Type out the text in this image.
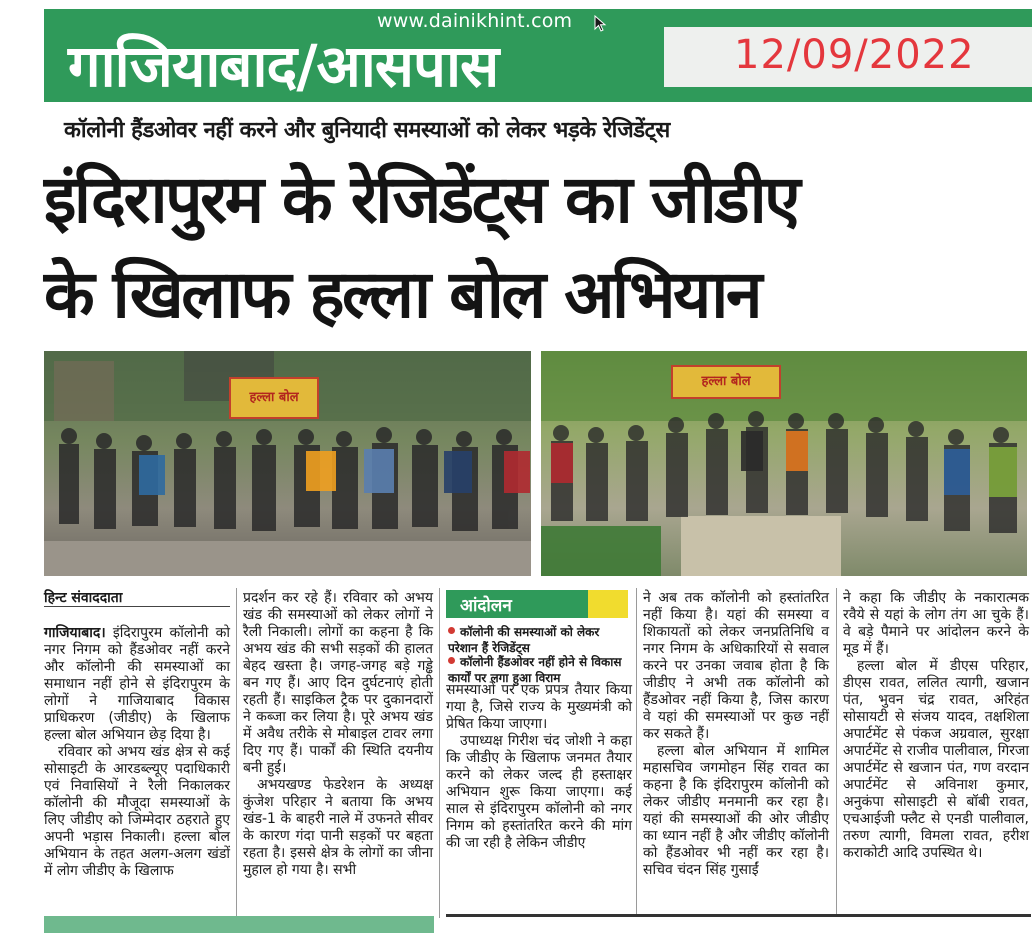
www.dainikhint.com
गाजियाबाद/आसपास	12/09/2022
कॉलोनी हैंडओवर नहीं करने और बुनियादी समस्याओं को लेकर भड़के रेजिडेंट्स
इंदिरापुरम के रेजिडेंट्स का जीडीए
के खिलाफ हल्ला बोल अभियान
हल्ला बोल
हल्ला बोल
हिन्ट संवाददाता

गाजियाबाद। इंदिरापुरम कॉलोनी को नगर निगम को हैंडओवर नहीं करने और कॉलोनी की समस्याओं का समाधान नहीं होने से इंदिरापुरम के लोगों ने गाजियाबाद विकास प्राधिकरण (जीडीए) के खिलाफ हल्ला बोल अभियान छेड़ दिया है।

रविवार को अभय खंड क्षेत्र से कई सोसाइटी के आरडब्ल्यूए पदाधिकारी एवं निवासियों ने रैली निकालकर कॉलोनी की मौजूदा समस्याओं के लिए जीडीए को जिम्मेदार ठहराते हुए अपनी भड़ास निकाली। हल्ला बोल अभियान के तहत अलग-अलग खंडों में लोग जीडीए के खिलाफ

प्रदर्शन कर रहे हैं। रविवार को अभय खंड की समस्याओं को लेकर लोगों ने रैली निकाली। लोगों का कहना है कि अभय खंड की सभी सड़कों की हालत बेहद खस्ता है। जगह-जगह बड़े गड्ढे बन गए हैं। आए दिन दुर्घटनाएं होती रहती हैं। साइकिल ट्रैक पर दुकानदारों ने कब्जा कर लिया है। पूरे अभय खंड में अवैध तरीके से मोबाइल टावर लगा दिए गए हैं। पार्कों की स्थिति दयनीय बनी हुई।

अभयखण्ड फेडरेशन के अध्यक्ष कुंजेश परिहार ने बताया कि अभय खंड-1 के बाहरी नाले में उफनते सीवर के कारण गंदा पानी सड़कों पर बहता रहता है। इससे क्षेत्र के लोगों का जीना मुहाल हो गया है। सभी

आंदोलन
कॉलोनी की समस्याओं को लेकर परेशान हैं रेजिडेंट्स
कॉलोनी हैंडओवर नहीं होने से विकास कार्यों पर लगा हुआ विराम

समस्याओं पर एक प्रपत्र तैयार किया गया है, जिसे राज्य के मुख्यमंत्री को प्रेषित किया जाएगा।

उपाध्यक्ष गिरीश चंद जोशी ने कहा कि जीडीए के खिलाफ जनमत तैयार करने को लेकर जल्द ही हस्ताक्षर अभियान शुरू किया जाएगा। कई साल से इंदिरापुरम कॉलोनी को नगर निगम को हस्तांतरित करने की मांग की जा रही है लेकिन जीडीए

ने अब तक कॉलोनी को हस्तांतरित नहीं किया है। यहां की समस्या व शिकायतों को लेकर जनप्रतिनिधि व नगर निगम के अधिकारियों से सवाल करने पर उनका जवाब होता है कि जीडीए ने अभी तक कॉलोनी को हैंडओवर नहीं किया है, जिस कारण वे यहां की समस्याओं पर कुछ नहीं कर सकते हैं।

हल्ला बोल अभियान में शामिल महासचिव जगमोहन सिंह रावत का कहना है कि इंदिरापुरम कॉलोनी को लेकर जीडीए मनमानी कर रहा है। यहां की समस्याओं की ओर जीडीए का ध्यान नहीं है और जीडीए कॉलोनी को हैंडओवर भी नहीं कर रहा है। सचिव चंदन सिंह गुसाईं

ने कहा कि जीडीए के नकारात्मक रवैये से यहां के लोग तंग आ चुके हैं। वे बड़े पैमाने पर आंदोलन करने के मूड में हैं।

हल्ला बोल में डीएस परिहार, डीएस रावत, ललित त्यागी, खजान पंत, भुवन चंद्र रावत, अरिहंत सोसायटी से संजय यादव, तक्षशिला अपार्टमेंट से पंकज अग्रवाल, सुरक्षा अपार्टमेंट से राजीव पालीवाल, गिरजा अपार्टमेंट से खजान पंत, गण वरदान अपार्टमेंट से अविनाश कुमार, अनुकंपा सोसाइटी से बॉबी रावत, एचआईजी फ्लैट से एनडी पालीवाल, तरुण त्यागी, विमला रावत, हरीश कराकोटी आदि उपस्थित थे।
